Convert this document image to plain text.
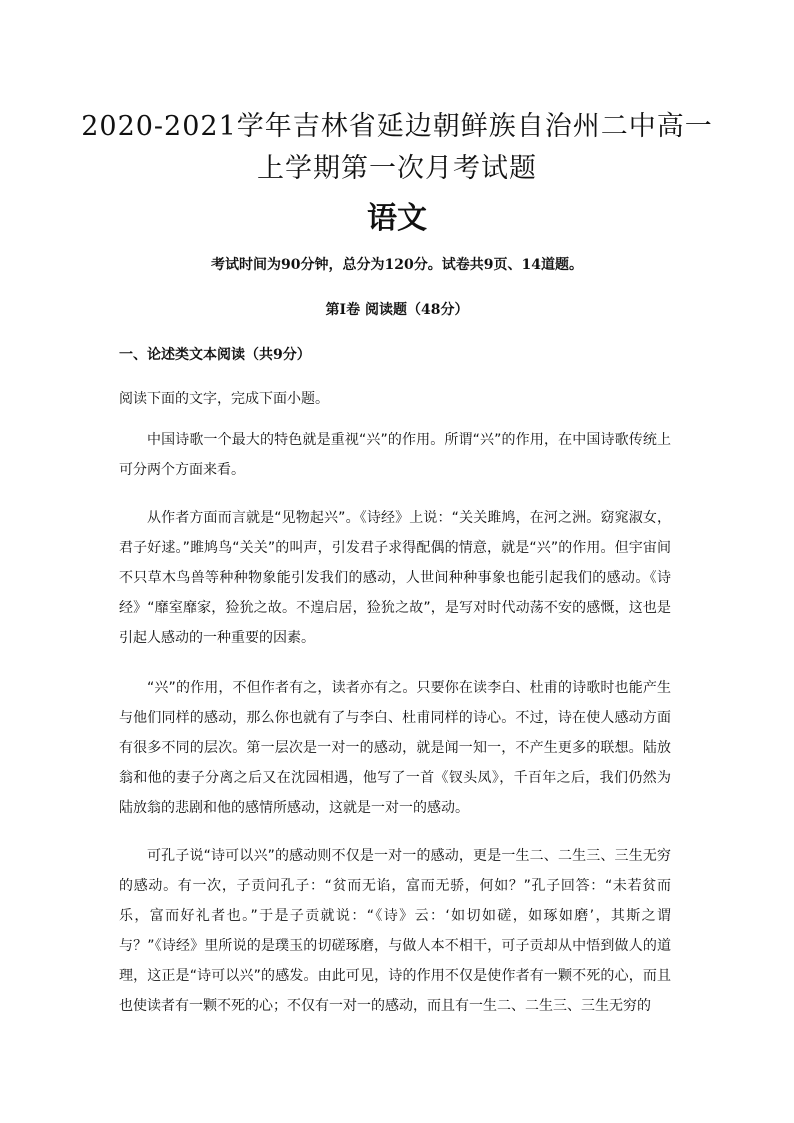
2020-2021学年吉林省延边朝鲜族自治州二中高一
上学期第一次月考试题
语文
考试时间为90分钟，总分为120分。试卷共9页、14道题。
第Ⅰ卷 阅读题（48分）
一、论述类文本阅读（共9分）
阅读下面的文字，完成下面小题。

中国诗歌一个最大的特色就是重视“兴”的作用。所谓“兴”的作用，在中国诗歌传统上可分两个方面来看。

从作者方面而言就是“见物起兴”。《诗经》上说：“关关雎鸠，在河之洲。窈窕淑女，君子好逑。”雎鸠鸟“关关”的叫声，引发君子求得配偶的情意，就是“兴”的作用。但宇宙间不只草木鸟兽等种种物象能引发我们的感动，人世间种种事象也能引起我们的感动。《诗经》“靡室靡家，猃狁之故。不遑启居，猃狁之故”，是写对时代动荡不安的感慨，这也是引起人感动的一种重要的因素。

“兴”的作用，不但作者有之，读者亦有之。只要你在读李白、杜甫的诗歌时也能产生与他们同样的感动，那么你也就有了与李白、杜甫同样的诗心。不过，诗在使人感动方面有很多不同的层次。第一层次是一对一的感动，就是闻一知一，不产生更多的联想。陆放翁和他的妻子分离之后又在沈园相遇，他写了一首《钗头凤》，千百年之后，我们仍然为陆放翁的悲剧和他的感情所感动，这就是一对一的感动。

可孔子说“诗可以兴”的感动则不仅是一对一的感动，更是一生二、二生三、三生无穷的感动。有一次，子贡问孔子：“贫而无谄，富而无骄，何如？”孔子回答：“未若贫而乐，富而好礼者也。”于是子贡就说：“《诗》云：‘如切如磋，如琢如磨’，其斯之谓与？”《诗经》里所说的是璞玉的切磋琢磨，与做人本不相干，可子贡却从中悟到做人的道理，这正是“诗可以兴”的感发。由此可见，诗的作用不仅是使作者有一颗不死的心，而且也使读者有一颗不死的心；不仅有一对一的感动，而且有一生二、二生三、三生无穷的
